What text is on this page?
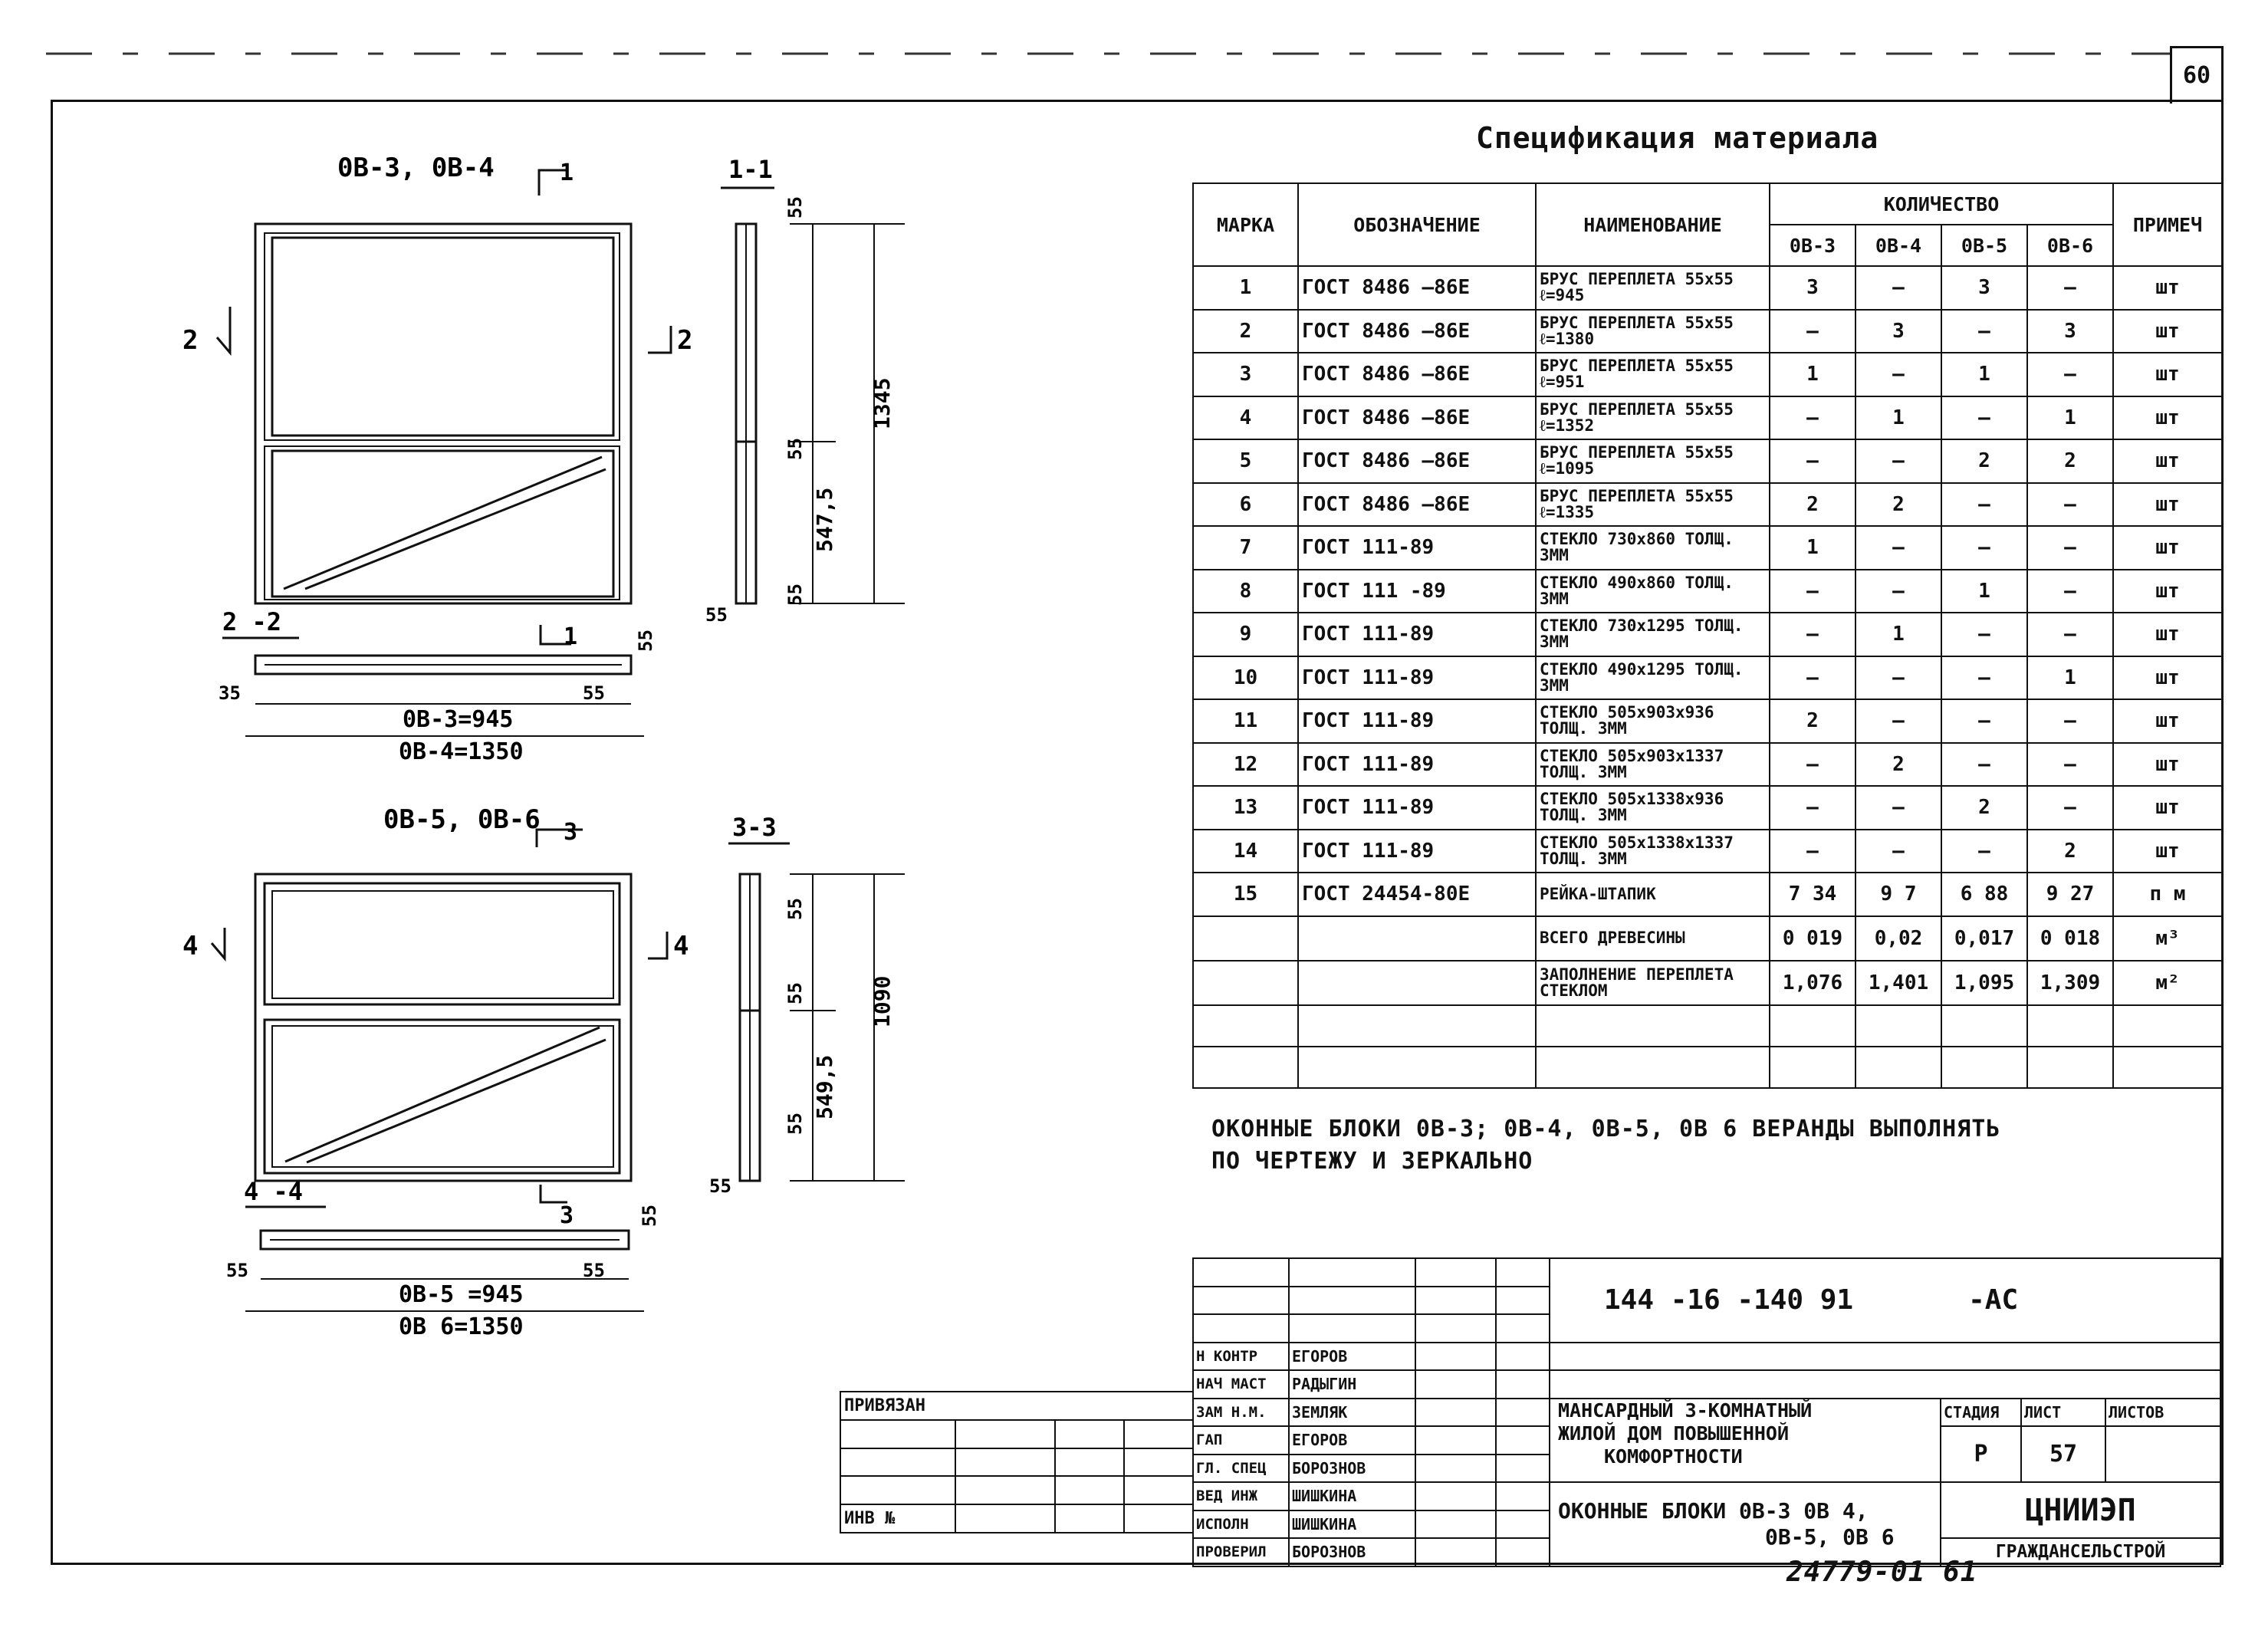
60
0В-3, 0В-4	1
1
2	2
1-1
2 -2
55
1345
55
547,5
55
55
55
35	55
0В-3=945
0В-4=1350
0В-5, 0В-6 3
3
4	4
3-3
4 -4
55
1090
55
549,5
55
55
55
55	55
0В-5 =945
0В 6=1350
Спецификация материала
МАРКА	ОБОЗНАЧЕНИЕ	НАИМЕНОВАНИЕ	КОЛИЧЕСТВО				ПРИМЕЧ
			0В-3	0В-4	0В-5	0В-6	
1	ГОСТ 8486 —86Е	БРУС ПЕРЕПЛЕТА 55х55 ℓ=945	3	—	3	—	шт
2	ГОСТ 8486 —86Е	БРУС ПЕРЕПЛЕТА 55х55 ℓ=1380	—	3	—	3	шт
3	ГОСТ 8486 —86Е	БРУС ПЕРЕПЛЕТА 55х55 ℓ=951	1	—	1	—	шт
4	ГОСТ 8486 —86Е	БРУС ПЕРЕПЛЕТА 55х55 ℓ=1352	—	1	—	1	шт
5	ГОСТ 8486 —86Е	БРУС ПЕРЕПЛЕТА 55х55 ℓ=1095	—	—	2	2	шт
6	ГОСТ 8486 —86Е	БРУС ПЕРЕПЛЕТА 55х55 ℓ=1335	2	2	—	—	шт
7	ГОСТ 111-89	СТЕКЛО 730х860 ТОЛЩ. 3ММ	1	—	—	—	шт
8	ГОСТ 111 -89	СТЕКЛО 490х860 ТОЛЩ. 3ММ	—	—	1	—	шт
9	ГОСТ 111-89	СТЕКЛО 730х1295 ТОЛЩ. 3ММ	—	1	—	—	шт
10	ГОСТ 111-89	СТЕКЛО 490х1295 ТОЛЩ. 3ММ	—	—	—	1	шт
11	ГОСТ 111-89	СТЕКЛО 505х903х936 ТОЛЩ. 3ММ	2	—	—	—	шт
12	ГОСТ 111-89	СТЕКЛО 505х903х1337 ТОЛЩ. 3ММ	—	2	—	—	шт
13	ГОСТ 111-89	СТЕКЛО 505х1338х936 ТОЛЩ. 3ММ	—	—	2	—	шт
14	ГОСТ 111-89	СТЕКЛО 505х1338х1337 ТОЛЩ. 3ММ	—	—	—	2	шт
15	ГОСТ 24454-80Е	РЕЙКА-ШТАПИК	7 34	9 7	6 88	9 27	п м
		ВСЕГО ДРЕВЕСИНЫ	0 019	0,02	0,017	0 018	м³
		ЗАПОЛНЕНИЕ ПЕРЕПЛЕТА СТЕКЛОМ	1,076	1,401	1,095	1,309	м²

ОКОННЫЕ БЛОКИ 0В-3; 0В-4, 0В-5, 0В 6 ВЕРАНДЫ ВЫПОЛНЯТЬ
ПО ЧЕРТЕЖУ И ЗЕРКАЛЬНО
ПРИВЯЗАН			

ИНВ №			
				144 -16 -140 91 -АС			

Н КОНТР	ЕГОРОВ						
НАЧ МАСТ	РАДЫГИН						
ЗАМ Н.М.	ЗЕМЛЯК			МАНСАРДНЫЙ 3-КОМНАТНЫЙ
ЖИЛОЙ ДОМ ПОВЫШЕННОЙ
КОМФОРТНОСТИ	СТАДИЯ	ЛИСТ	ЛИСТОВ
ГАП	ЕГОРОВ				Р	57	
ГЛ. СПЕЦ	БОРОЗНОВ						
ВЕД ИНЖ	ШИШКИНА			ОКОННЫЕ БЛОКИ 0В-3 0В 4,
0В-5, 0В 6	ЦНИИЭП		
ИСПОЛН	ШИШКИНА						
ПРОВЕРИЛ	БОРОЗНОВ				ГРАЖДАНСЕЛЬСТРОЙ		
24779-01 61
